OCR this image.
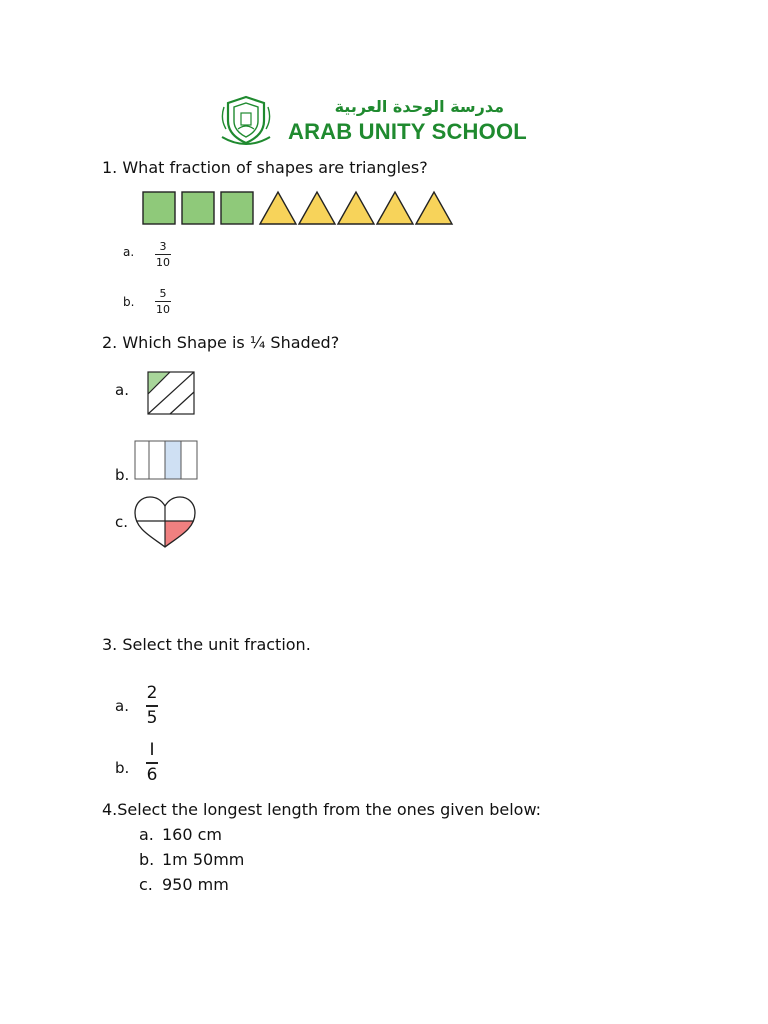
مدرسة الوحدة العربية
ARAB UNITY SCHOOL
1. What fraction of shapes are triangles?
a. 3
10
b.
5
10
2. Which Shape is ¼ Shaded?
a.
b.
c.
3. Select the unit fraction.
a.
2
5
b.
I
6
4.Select the longest length from the ones given below:
a. 160 cm
b. 1m 50mm
c. 950 mm
